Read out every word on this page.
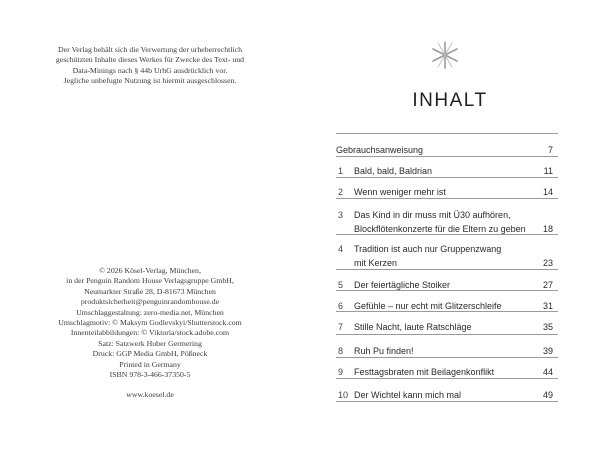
Der Verlag behält sich die Verwertung der urheberrechtlich
geschützten Inhalte dieses Werkes für Zwecke des Text- und
Data-Minings nach § 44b UrhG ausdrücklich vor.
Jegliche unbefugte Nutzung ist hiermit ausgeschlossen.
© 2026 Kösel-Verlag, München,
in der Penguin Random House Verlagsgruppe GmbH,
Neumarkter Straße 28, D-81673 München
produktsicherheit@penguinrandomhouse.de
Umschlaggestaltung: zero-media.net, München
Umschlagmotiv: © Maksym Godlevskyi/Shutterstock.com
Innenteilabbildungen: © Viktoria/stock.adobe.com
Satz: Satzwerk Huber Germering
Druck: GGP Media GmbH, Pößneck
Printed in Germany
ISBN 978-3-466-37350-5
www.koesel.de
INHALT
Gebrauchsanweisung	7
1	Bald, bald, Baldrian	11
2	Wenn weniger mehr ist	14
3	Das Kind in dir muss mit Ü30 aufhören,
Blockflötenkonzerte für die Eltern zu geben 18
4	Tradition ist auch nur Gruppenzwang
mit Kerzen	23
5	Der feiertägliche Stoiker	27
6	Gefühle – nur echt mit Glitzerschleife	31
7	Stille Nacht, laute Ratschläge	35
8	Ruh Pu finden!	39
9	Festtagsbraten mit Beilagenkonflikt	44
10 Der Wichtel kann mich mal	49
